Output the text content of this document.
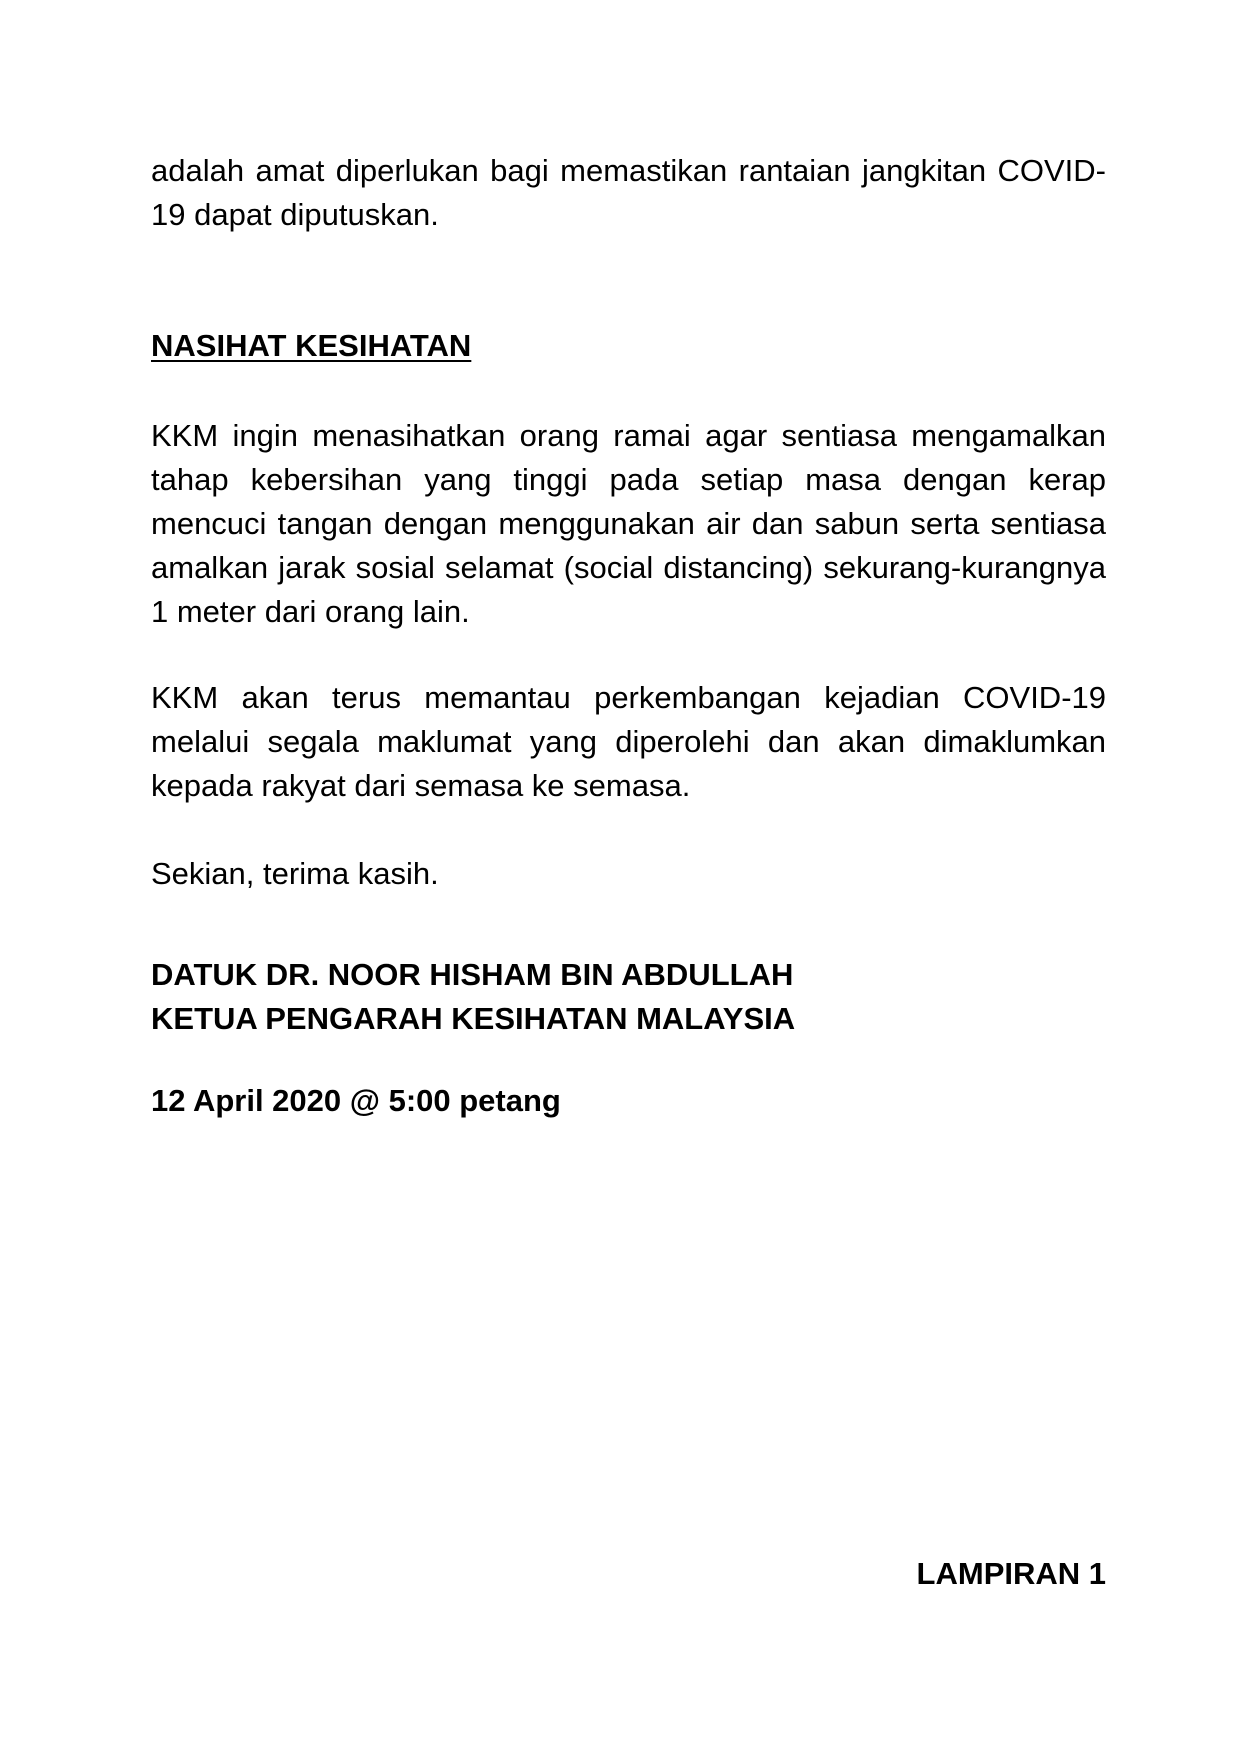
adalah amat diperlukan bagi memastikan rantaian jangkitan COVID-19 dapat diputuskan.

NASIHAT KESIHATAN

KKM ingin menasihatkan orang ramai agar sentiasa mengamalkan tahap kebersihan yang tinggi pada setiap masa dengan kerap mencuci tangan dengan menggunakan air dan sabun serta sentiasa amalkan jarak sosial selamat (social distancing) sekurang-kurangnya 1 meter dari orang lain.

KKM akan terus memantau perkembangan kejadian COVID-19 melalui segala maklumat yang diperolehi dan akan dimaklumkan kepada rakyat dari semasa ke semasa.

Sekian, terima kasih.

DATUK DR. NOOR HISHAM BIN ABDULLAH
KETUA PENGARAH KESIHATAN MALAYSIA

12 April 2020 @ 5:00 petang

LAMPIRAN 1
